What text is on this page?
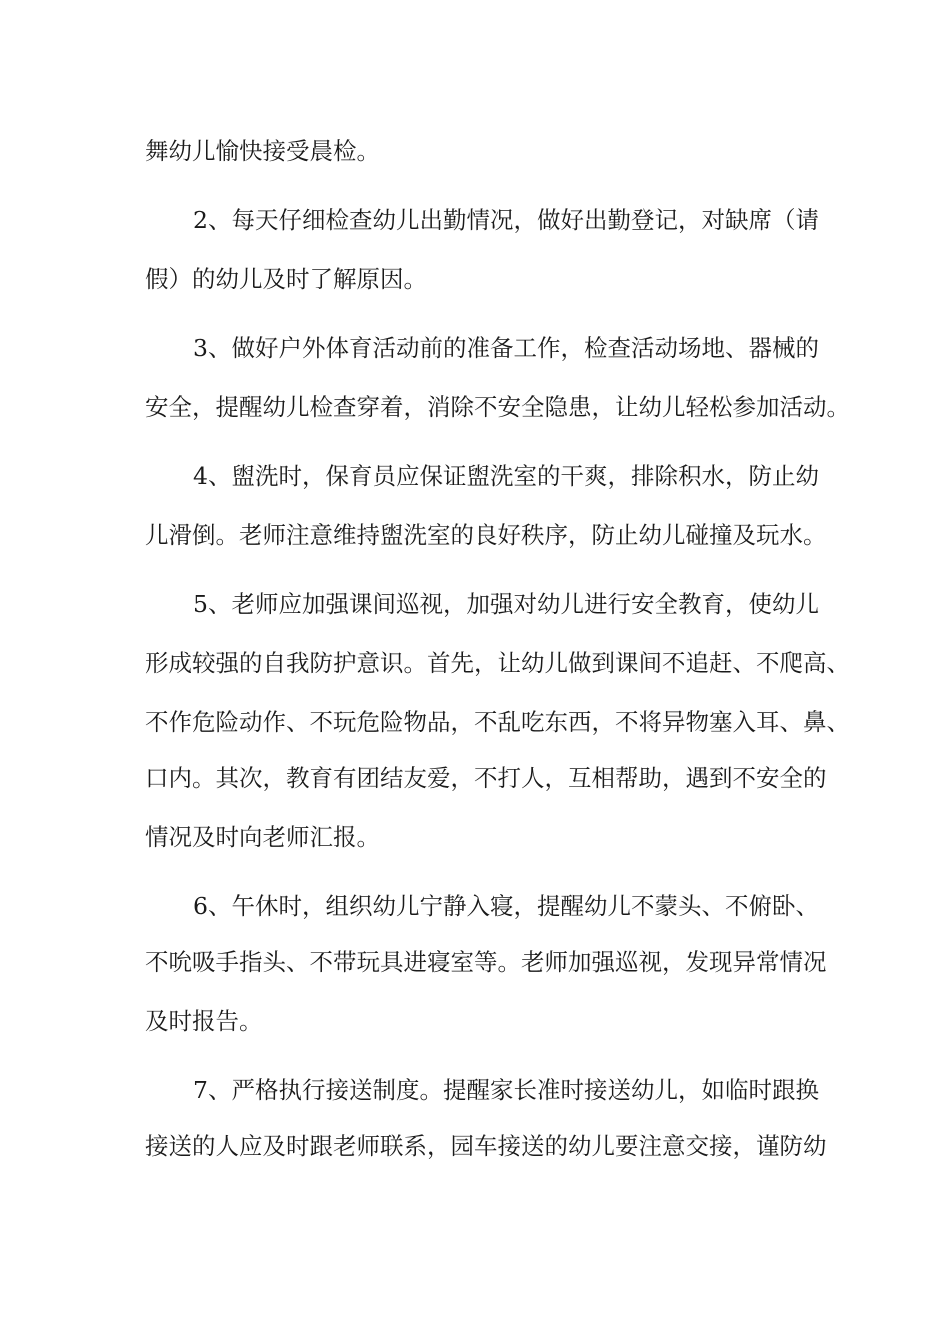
舞幼儿愉快接受晨检。
2、每天仔细检查幼儿出勤情况，做好出勤登记，对缺席（请
假）的幼儿及时了解原因。
3、做好户外体育活动前的准备工作，检查活动场地、器械的
安全，提醒幼儿检查穿着，消除不安全隐患，让幼儿轻松参加活动。
4、盥洗时，保育员应保证盥洗室的干爽，排除积水，防止幼
儿滑倒。老师注意维持盥洗室的良好秩序，防止幼儿碰撞及玩水。
5、老师应加强课间巡视，加强对幼儿进行安全教育，使幼儿
形成较强的自我防护意识。首先，让幼儿做到课间不追赶、不爬高、
不作危险动作、不玩危险物品，不乱吃东西，不将异物塞入耳、鼻、
口内。其次，教育有团结友爱，不打人，互相帮助，遇到不安全的
情况及时向老师汇报。
6、午休时，组织幼儿宁静入寝，提醒幼儿不蒙头、不俯卧、
不吮吸手指头、不带玩具进寝室等。老师加强巡视，发现异常情况
及时报告。
7、严格执行接送制度。提醒家长准时接送幼儿，如临时跟换
接送的人应及时跟老师联系，园车接送的幼儿要注意交接，谨防幼
